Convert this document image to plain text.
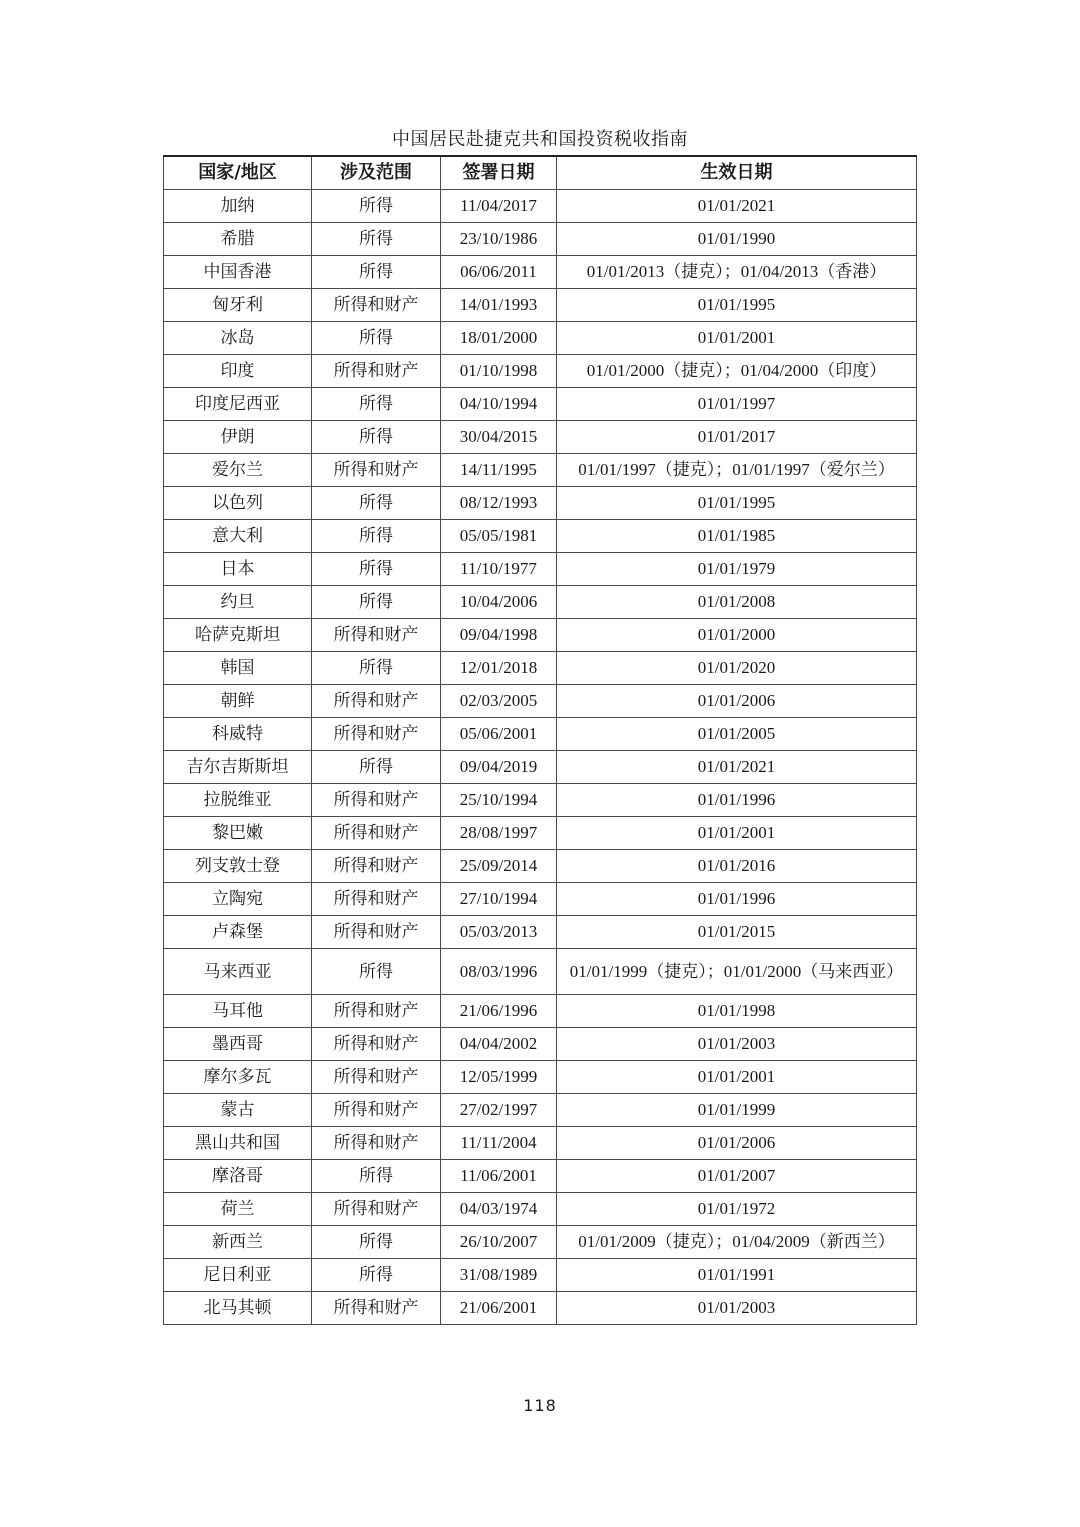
中国居民赴捷克共和国投资税收指南
国家/地区	涉及范围	签署日期	生效日期
加纳	所得	11/04/2017	01/01/2021
希腊	所得	23/10/1986	01/01/1990
中国香港	所得	06/06/2011	01/01/2013（捷克）；01/04/2013（香港）
匈牙利	所得和财产	14/01/1993	01/01/1995
冰岛	所得	18/01/2000	01/01/2001
印度	所得和财产	01/10/1998	01/01/2000（捷克）；01/04/2000（印度）
印度尼西亚	所得	04/10/1994	01/01/1997
伊朗	所得	30/04/2015	01/01/2017
爱尔兰	所得和财产	14/11/1995	01/01/1997（捷克）；01/01/1997（爱尔兰）
以色列	所得	08/12/1993	01/01/1995
意大利	所得	05/05/1981	01/01/1985
日本	所得	11/10/1977	01/01/1979
约旦	所得	10/04/2006	01/01/2008
哈萨克斯坦	所得和财产	09/04/1998	01/01/2000
韩国	所得	12/01/2018	01/01/2020
朝鲜	所得和财产	02/03/2005	01/01/2006
科威特	所得和财产	05/06/2001	01/01/2005
吉尔吉斯斯坦	所得	09/04/2019	01/01/2021
拉脱维亚	所得和财产	25/10/1994	01/01/1996
黎巴嫩	所得和财产	28/08/1997	01/01/2001
列支敦士登	所得和财产	25/09/2014	01/01/2016
立陶宛	所得和财产	27/10/1994	01/01/1996
卢森堡	所得和财产	05/03/2013	01/01/2015
马来西亚	所得	08/03/1996	01/01/1999（捷克）；01/01/2000（马来西亚）
马耳他	所得和财产	21/06/1996	01/01/1998
墨西哥	所得和财产	04/04/2002	01/01/2003
摩尔多瓦	所得和财产	12/05/1999	01/01/2001
蒙古	所得和财产	27/02/1997	01/01/1999
黑山共和国	所得和财产	11/11/2004	01/01/2006
摩洛哥	所得	11/06/2001	01/01/2007
荷兰	所得和财产	04/03/1974	01/01/1972
新西兰	所得	26/10/2007	01/01/2009（捷克）；01/04/2009（新西兰）
尼日利亚	所得	31/08/1989	01/01/1991
北马其顿	所得和财产	21/06/2001	01/01/2003
118
